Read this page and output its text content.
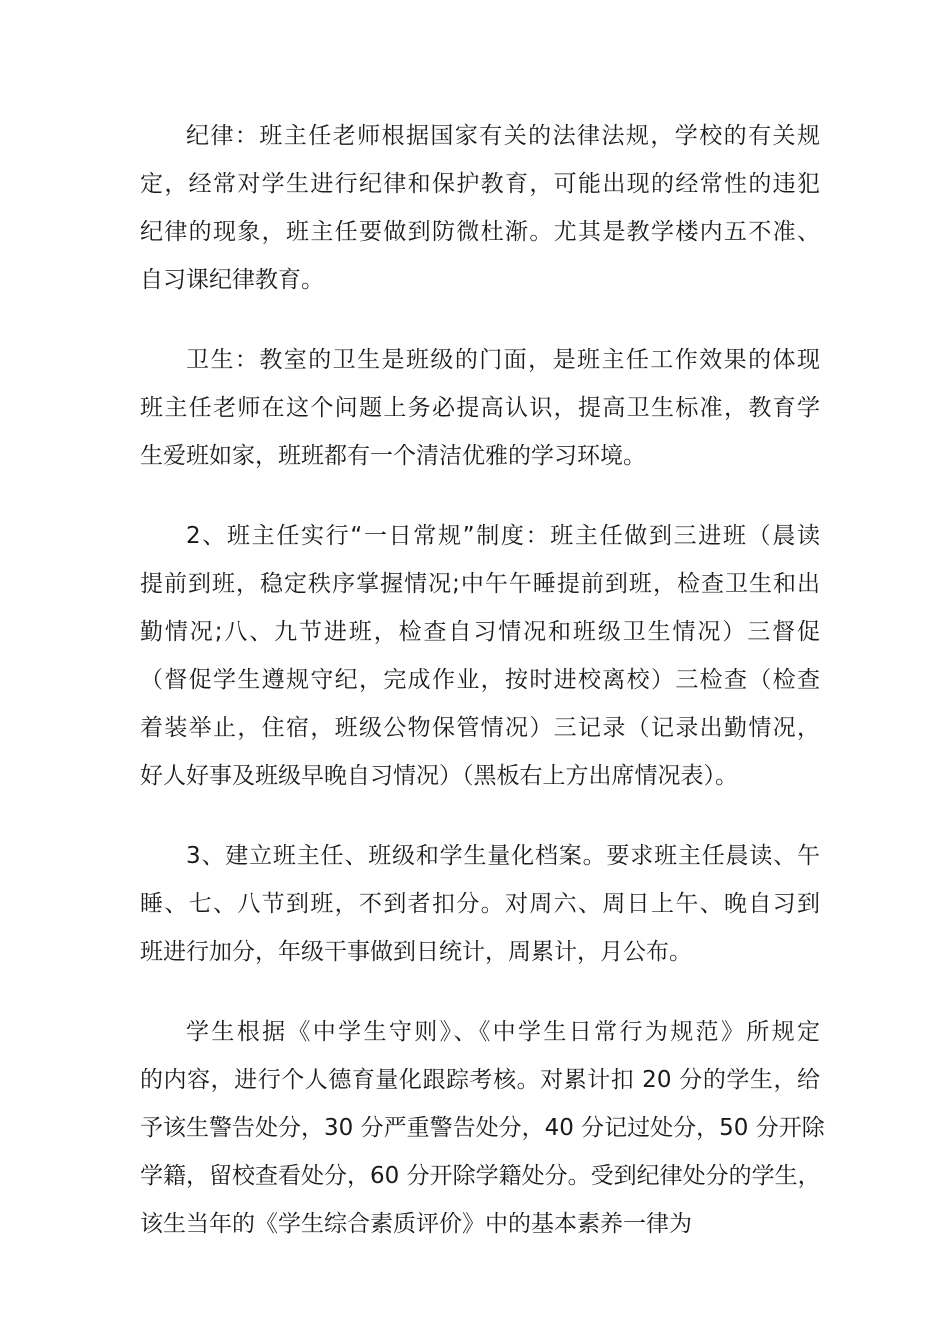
纪律：班主任老师根据国家有关的法律法规，学校的有关规
定，经常对学生进行纪律和保护教育，可能出现的经常性的违犯
纪律的现象，班主任要做到防微杜渐。尤其是教学楼内五不准、
自习课纪律教育。

卫生：教室的卫生是班级的门面，是班主任工作效果的体现
班主任老师在这个问题上务必提高认识，提高卫生标准，教育学
生爱班如家，班班都有一个清洁优雅的学习环境。

2、班主任实行“一日常规”制度：班主任做到三进班（晨读
提前到班，稳定秩序掌握情况;中午午睡提前到班，检查卫生和出
勤情况;八、九节进班，检查自习情况和班级卫生情况）三督促
（督促学生遵规守纪，完成作业，按时进校离校）三检查（检查
着装举止，住宿，班级公物保管情况）三记录（记录出勤情况，
好人好事及班级早晚自习情况）（黑板右上方出席情况表）。

3、建立班主任、班级和学生量化档案。要求班主任晨读、午
睡、七、八节到班，不到者扣分。对周六、周日上午、晚自习到
班进行加分，年级干事做到日统计，周累计，月公布。

学生根据《中学生守则》、《中学生日常行为规范》所规定
的内容，进行个人德育量化跟踪考核。对累计扣 20 分的学生，给
予该生警告处分，30 分严重警告处分，40 分记过处分，50 分开除
学籍，留校查看处分，60 分开除学籍处分。受到纪律处分的学生，
该生当年的《学生综合素质评价》中的基本素养一律为
